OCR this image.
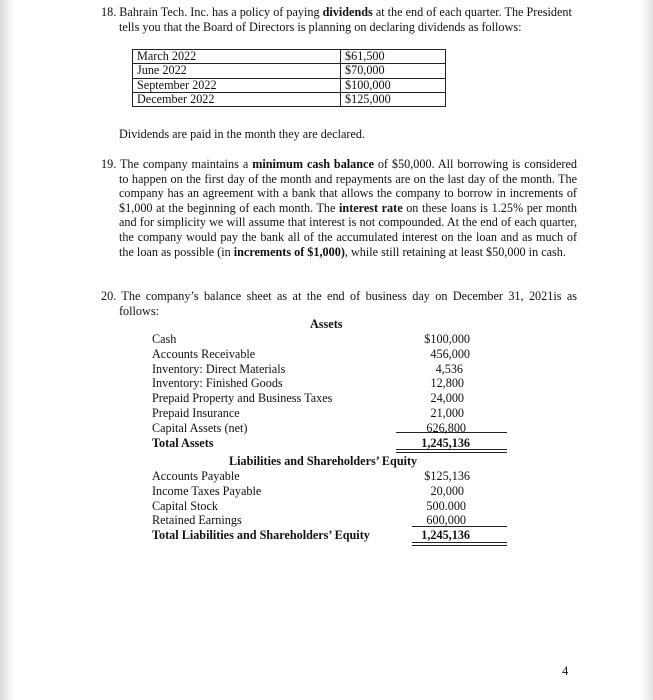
18. Bahrain Tech. Inc. has a policy of paying dividends at the end of each quarter. The President tells you that the Board of Directors is planning on declaring dividends as follows:
March 2022	$61,500
June 2022	$70,000
September 2022	$100,000
December 2022	$125,000
Dividends are paid in the month they are declared.
19. The company maintains a minimum cash balance of $50,000. All borrowing is considered to happen on the first day of the month and repayments are on the last day of the month. The company has an agreement with a bank that allows the company to borrow in increments of $1,000 at the beginning of each month. The interest rate on these loans is 1.25% per month and for simplicity we will assume that interest is not compounded. At the end of each quarter, the company would pay the bank all of the accumulated interest on the loan and as much of the loan as possible (in increments of $1,000), while still retaining at least $50,000 in cash.
20. The company’s balance sheet as at the end of business day on December 31, 2021is as follows:
Assets
Cash	$100,000
Accounts Receivable	456,000
Inventory: Direct Materials	4,536
Inventory: Finished Goods	12,800
Prepaid Property and Business Taxes	24,000
Prepaid Insurance	21,000
Capital Assets (net)	626,800
Total Assets	1,245,136
Liabilities and Shareholders’ Equity
Accounts Payable	$125,136
Income Taxes Payable	20,000
Capital Stock	500.000
Retained Earnings	600,000
Total Liabilities and Shareholders’ Equity	1,245,136
4
